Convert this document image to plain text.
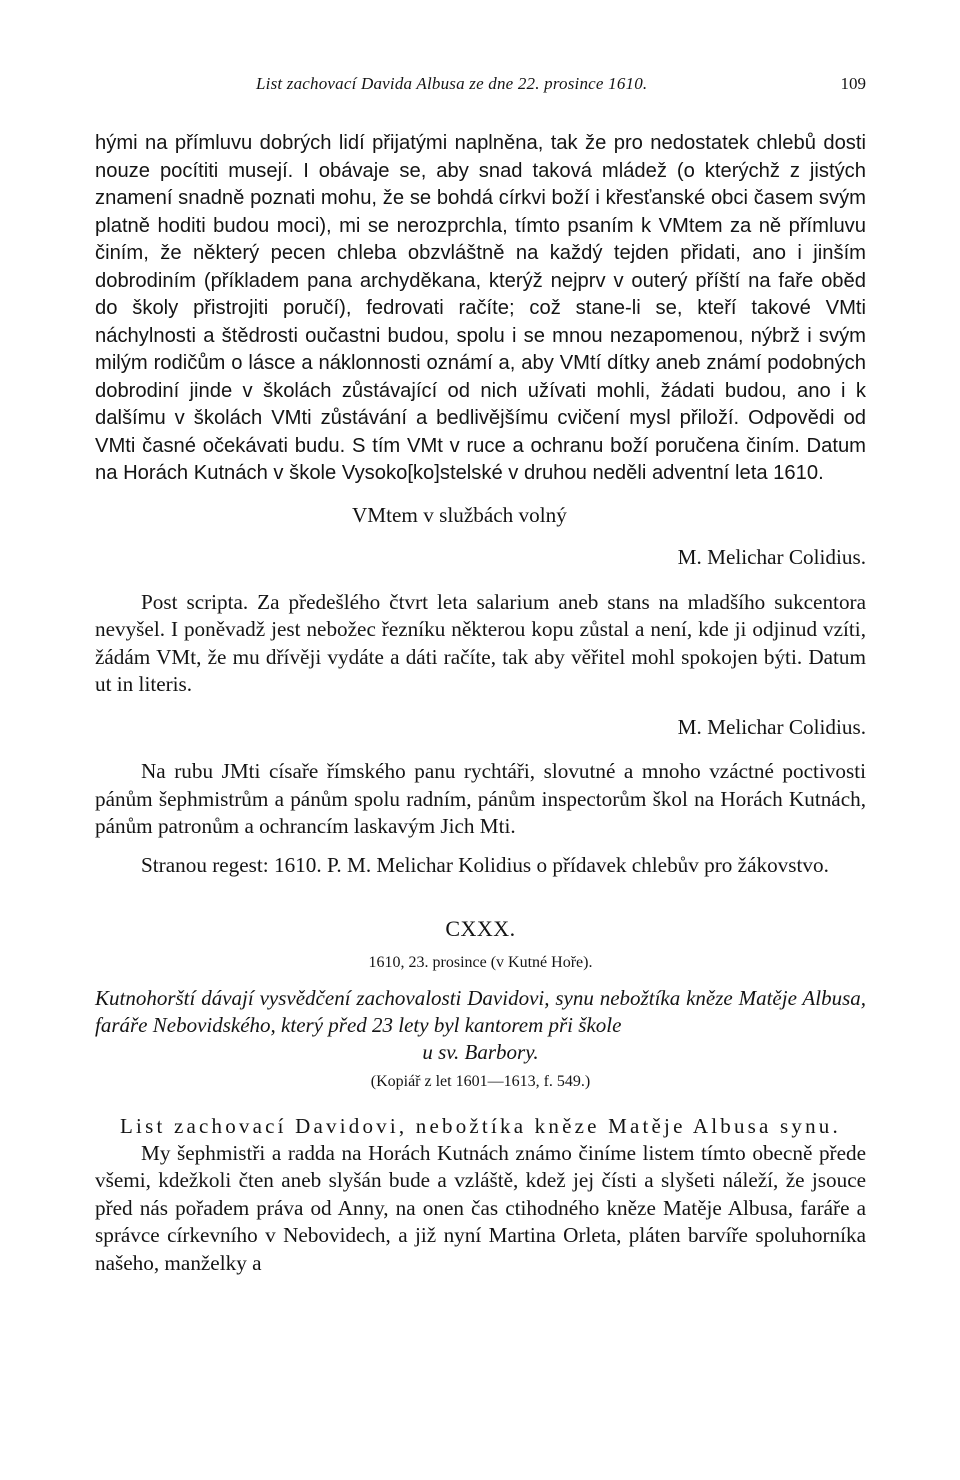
List zachovací Davida Albusa ze dne 22. prosince 1610.	109

hými na přímluvu dobrých lidí přijatými naplněna, tak že pro nedostatek chlebů dosti nouze pocítiti musejí. I obávaje se, aby snad taková mládež (o kterýchž z jistých znamení snadně poznati mohu, že se bohdá církvi boží i křesťanské obci časem svým platně hoditi budou moci), mi se nerozprchla, tímto psaním k VMtem za ně přímluvu činím, že některý pecen chleba obzvláštně na každý tejden přidati, ano i jinším dobrodiním (příkladem pana archyděkana, kterýž nejprv v outerý příští na faře oběd do školy přistrojiti poručí), fedrovati račíte; což stane-li se, kteří takové VMti náchylnosti a štědrosti oučastni budou, spolu i se mnou nezapomenou, nýbrž i svým milým rodičům o lásce a náklonnosti oznámí a, aby VMtí dítky aneb známí podobných dobrodiní jinde v školách zůstávající od nich užívati mohli, žádati budou, ano i k dalšímu v školách VMti zůstávání a bedlivějšímu cvičení mysl přiloží. Odpovědi od VMti časné očekávati budu. S tím VMt v ruce a ochranu boží poručena činím. Datum na Horách Kutnách v škole Vysoko[ko]stelské v druhou neděli adventní leta 1610.

VMtem v službách volný

M. Melichar Colidius.

Post scripta. Za předešlého čtvrt leta salarium aneb stans na mladšího sukcentora nevyšel. I poněvadž jest nebožec řezníku některou kopu zůstal a není, kde ji odjinud vzíti, žádám VMt, že mu dřívěji vydáte a dáti račíte, tak aby věřitel mohl spokojen býti. Datum ut in literis.

M. Melichar Colidius.

Na rubu JMti císaře římského panu rychtáři, slovutné a mnoho vzáctné poctivosti pánům šephmistrům a pánům spolu radním, pánům inspectorům škol na Horách Kutnách, pánům patronům a ochrancím laskavým Jich Mti.

Stranou regest: 1610. P. M. Melichar Kolidius o přídavek chlebův pro žákovstvo.

CXXX.

1610, 23. prosince (v Kutné Hoře).

Kutnohorští dávají vysvědčení zachovalosti Davidovi, synu nebožtíka kněze Matěje Albusa, faráře Nebovidského, který před 23 lety byl kantorem při škole
u sv. Barbory.

(Kopiář z let 1601—1613, f. 549.)

List zachovací Davidovi, nebožtíka kněze Matěje Albusa synu.

My šephmistři a radda na Horách Kutnách známo činíme listem tímto obecně přede všemi, kdežkoli čten aneb slyšán bude a vzláště, kdež jej čísti a slyšeti náleží, že jsouce před nás pořadem práva od Anny, na onen čas ctihodného kněze Matěje Albusa, faráře a správce církevního v Nebovidech, a již nyní Martina Orleta, pláten barvíře spoluhorníka našeho, manželky a
